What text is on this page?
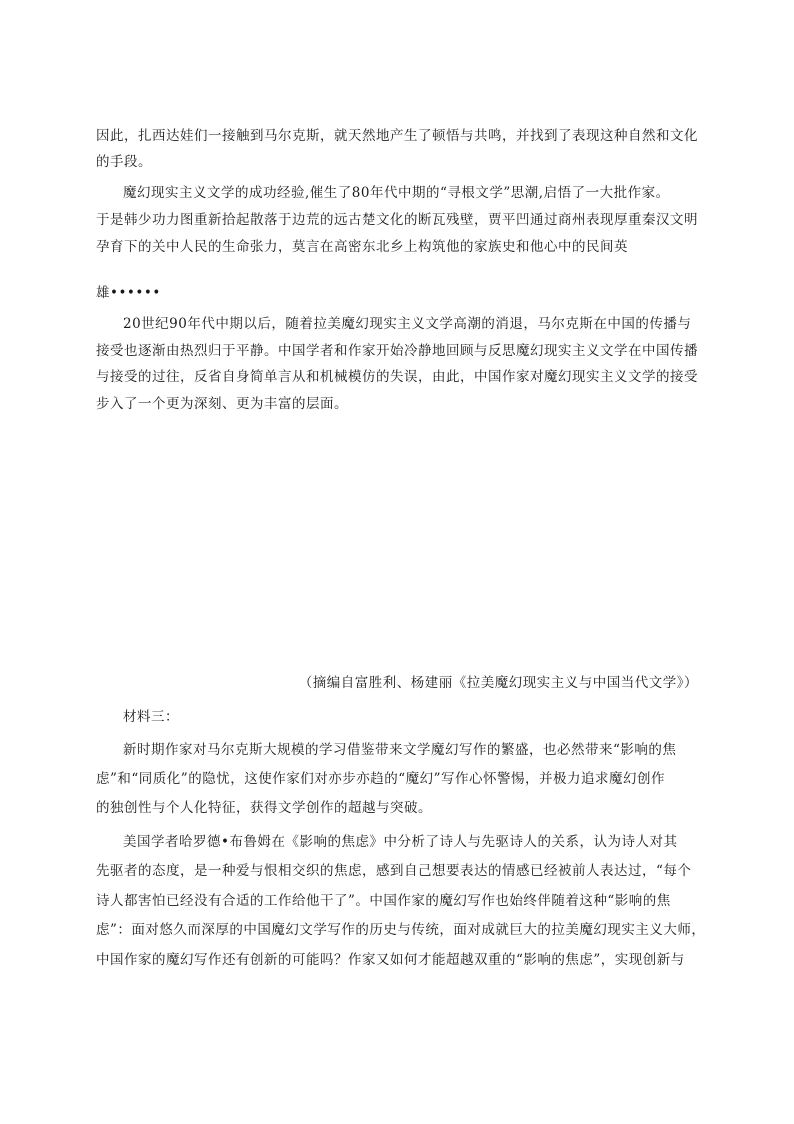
因此，扎西达娃们一接触到马尔克斯，就天然地产生了顿悟与共鸣，并找到了表现这种自然和文化
的手段。
魔幻现实主义文学的成功经验,催生了80年代中期的“寻根文学”思潮,启悟了一大批作家。
于是韩少功力图重新拾起散落于边荒的远古楚文化的断瓦残壁，贾平凹通过商州表现厚重秦汉文明
孕育下的关中人民的生命张力，莫言在高密东北乡上构筑他的家族史和他心中的民间英
雄••••••
20世纪90年代中期以后，随着拉美魔幻现实主义文学高潮的消退，马尔克斯在中国的传播与
接受也逐渐由热烈归于平静。中国学者和作家开始冷静地回顾与反思魔幻现实主义文学在中国传播
与接受的过往，反省自身简单言从和机械模仿的失误，由此，中国作家对魔幻现实主义文学的接受
步入了一个更为深刻、更为丰富的层面。
（摘编自富胜利、杨建丽《拉美魔幻现实主义与中国当代文学》）
材料三：
新时期作家对马尔克斯大规模的学习借鉴带来文学魔幻写作的繁盛，也必然带来“影响的焦
虑”和“同质化”的隐忧，这使作家们对亦步亦趋的“魔幻”写作心怀警惕，并极力追求魔幻创作
的独创性与个人化特征，获得文学创作的超越与突破。
美国学者哈罗德•布鲁姆在《影响的焦虑》中分析了诗人与先驱诗人的关系，认为诗人对其
先驱者的态度，是一种爱与恨相交织的焦虑，感到自己想要表达的情感已经被前人表达过，“每个
诗人都害怕已经没有合适的工作给他干了”。中国作家的魔幻写作也始终伴随着这种“影响的焦
虑”：面对悠久而深厚的中国魔幻文学写作的历史与传统，面对成就巨大的拉美魔幻现实主义大师，
中国作家的魔幻写作还有创新的可能吗？作家又如何才能超越双重的“影响的焦虑”，实现创新与
